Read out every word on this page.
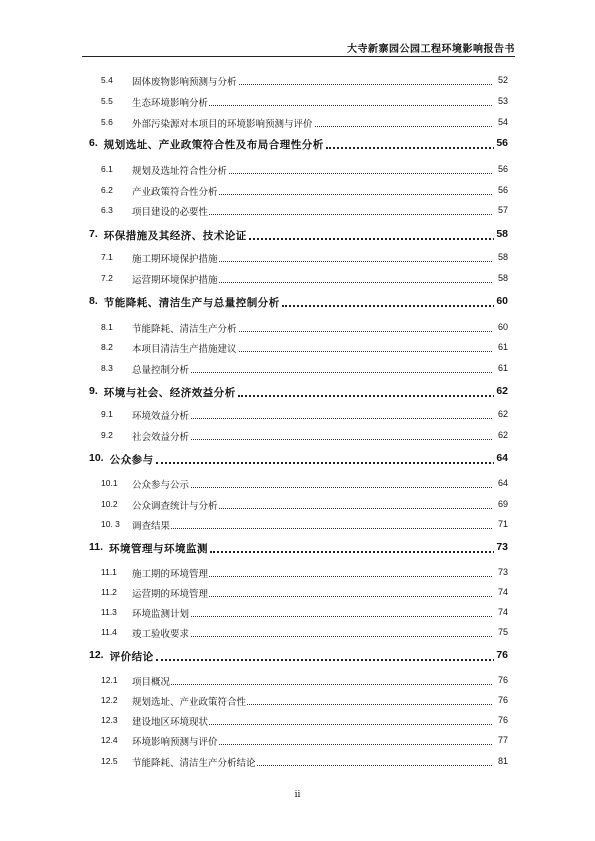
大寺新寨园公园工程环境影响报告书
5.4 固体废物影响预测与分析	52
5.5 生态环境影响分析	53
5.6 外部污染源对本项目的环境影响预测与评价	54
6. 规划选址、产业政策符合性及布局合理性分析	56
6.1 规划及选址符合性分析	56
6.2 产业政策符合性分析	56
6.3 项目建设的必要性	57
7. 环保措施及其经济、技术论证	58
7.1 施工期环境保护措施	58
7.2 运营期环境保护措施	58
8. 节能降耗、清洁生产与总量控制分析	60
8.1 节能降耗、清洁生产分析	60
8.2 本项目清洁生产措施建议	61
8.3 总量控制分析	61
9. 环境与社会、经济效益分析	62
9.1 环境效益分析	62
9.2 社会效益分析	62
10. 公众参与	64
10.1 公众参与公示	64
10.2 公众调查统计与分析	69
10. 3 调查结果	71
11. 环境管理与环境监测	73
11.1 施工期的环境管理	73
11.2 运营期的环境管理	74
11.3 环境监测计划	74
11.4 竣工验收要求	75
12. 评价结论	76
12.1 项目概况	76
12.2 规划选址、产业政策符合性	76
12.3 建设地区环境现状	76
12.4 环境影响预测与评价	77
12.5 节能降耗、清洁生产分析结论	81
ii
